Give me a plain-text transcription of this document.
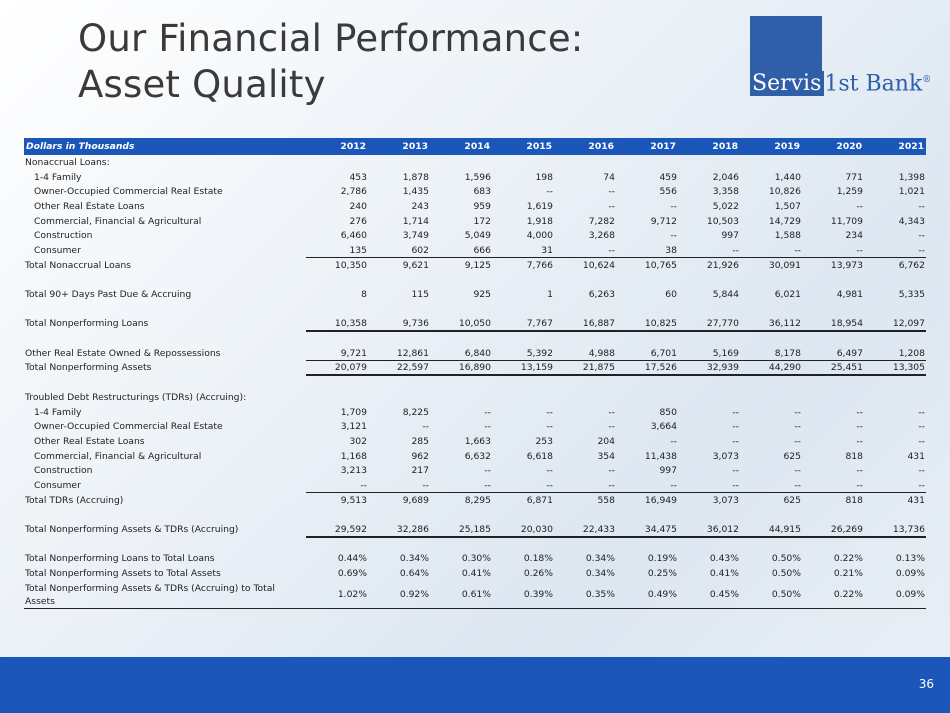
Our Financial Performance:
Asset Quality	Servis 1st Bank®
Dollars in Thousands	2012	2013	2014	2015	2016	2017	2018	2019	2020	2021
Nonaccrual Loans:										
1-4 Family	453	1,878	1,596	198	74	459	2,046	1,440	771	1,398
Owner-Occupied Commercial Real Estate	2,786	1,435	683	--	--	556	3,358	10,826	1,259	1,021
Other Real Estate Loans	240	243	959	1,619	--	--	5,022	1,507	--	--
Commercial, Financial & Agricultural	276	1,714	172	1,918	7,282	9,712	10,503	14,729	11,709	4,343
Construction	6,460	3,749	5,049	4,000	3,268	--	997	1,588	234	--
Consumer	135	602	666	31	--	38	--	--	--	--
Total Nonaccrual Loans	10,350	9,621	9,125	7,766	10,624	10,765	21,926	30,091	13,973	6,762

Total 90+ Days Past Due & Accruing	8	115	925	1	6,263	60	5,844	6,021	4,981	5,335

Total Nonperforming Loans	10,358	9,736	10,050	7,767	16,887	10,825	27,770	36,112	18,954	12,097

Other Real Estate Owned & Repossessions	9,721	12,861	6,840	5,392	4,988	6,701	5,169	8,178	6,497	1,208
Total Nonperforming Assets	20,079	22,597	16,890	13,159	21,875	17,526	32,939	44,290	25,451	13,305

Troubled Debt Restructurings (TDRs) (Accruing):										
1-4 Family	1,709	8,225	--	--	--	850	--	--	--	--
Owner-Occupied Commercial Real Estate	3,121	--	--	--	--	3,664	--	--	--	--
Other Real Estate Loans	302	285	1,663	253	204	--	--	--	--	--
Commercial, Financial & Agricultural	1,168	962	6,632	6,618	354	11,438	3,073	625	818	431
Construction	3,213	217	--	--	--	997	--	--	--	--
Consumer	--	--	--	--	--	--	--	--	--	--
Total TDRs (Accruing)	9,513	9,689	8,295	6,871	558	16,949	3,073	625	818	431

Total Nonperforming Assets & TDRs (Accruing)	29,592	32,286	25,185	20,030	22,433	34,475	36,012	44,915	26,269	13,736

Total Nonperforming Loans to Total Loans	0.44%	0.34%	0.30%	0.18%	0.34%	0.19%	0.43%	0.50%	0.22%	0.13%
Total Nonperforming Assets to Total Assets	0.69%	0.64%	0.41%	0.26%	0.34%	0.25%	0.41%	0.50%	0.21%	0.09%
Total Nonperforming Assets & TDRs (Accruing) to Total Assets	1.02%	0.92%	0.61%	0.39%	0.35%	0.49%	0.45%	0.50%	0.22%	0.09%
36
